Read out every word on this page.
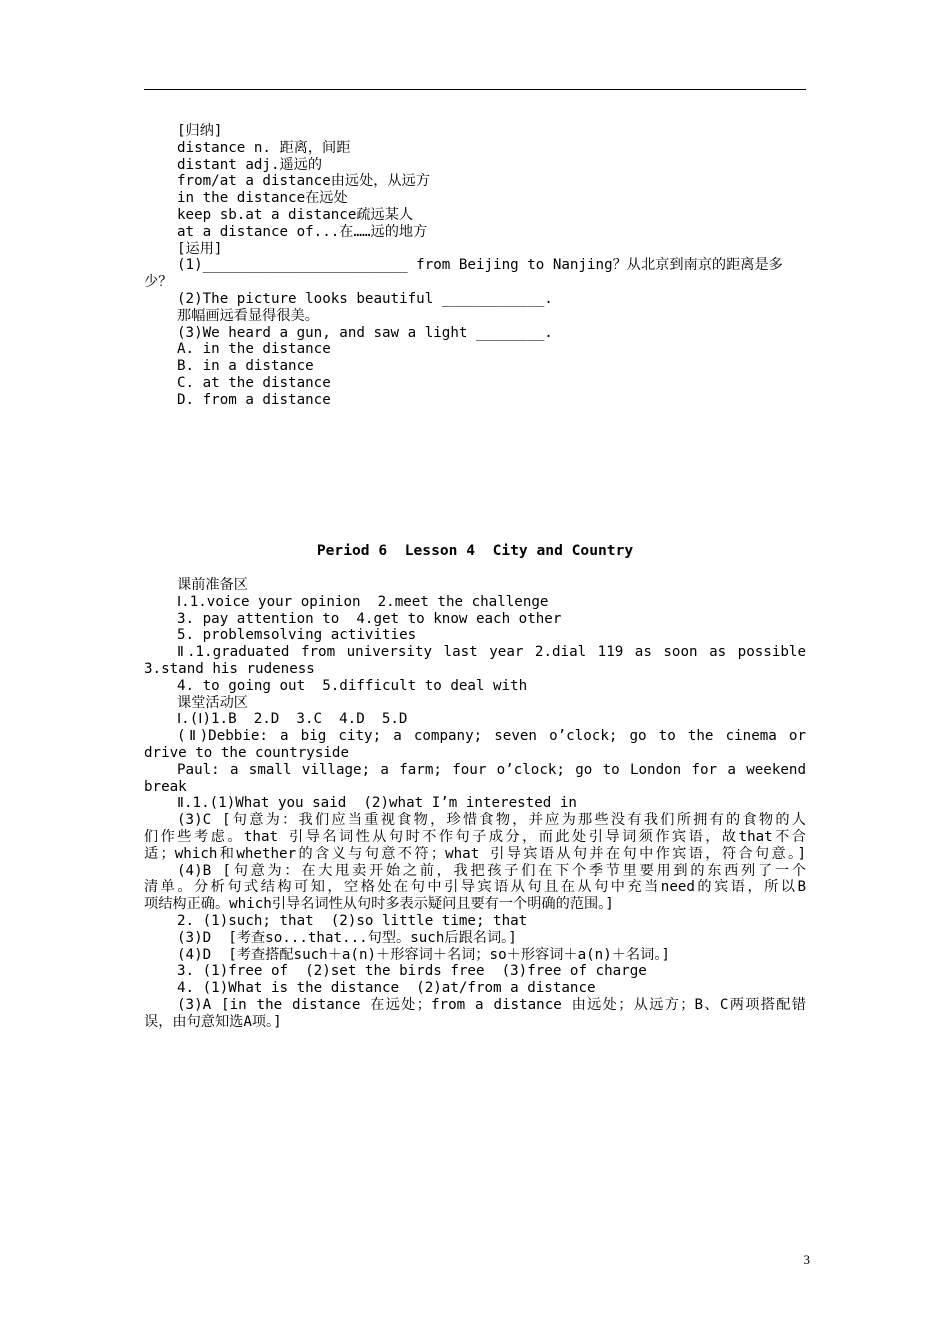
[归纳]
distance n. 距离，间距
distant adj.遥远的
from/at a distance由远处，从远方
in the distance在远处
keep sb.at a distance疏远某人
at a distance of...在……远的地方
[运用]
(1)________________________ from Beijing to Nanjing？从北京到南京的距离是多
少？
(2)The picture looks beautiful ____________.
那幅画远看显得很美。
(3)We heard a gun, and saw a light ________.
A. in the distance
B. in a distance
C. at the distance
D. from a distance
Period 6  Lesson 4  City and Country
课前准备区
Ⅰ.1.voice your opinion  2.meet the challenge
3. pay attention to  4.get to know each other
5. problemsolving activities
Ⅱ.1.graduated from university last year 2.dial 119 as soon as possible
3.stand his rudeness
4. to going out  5.difficult to deal with
课堂活动区
Ⅰ.(Ⅰ)1.B  2.D  3.C  4.D  5.D
(Ⅱ)Debbie: a big city; a company; seven o’clock; go to the cinema or
drive to the countryside
Paul: a small village; a farm; four o’clock; go to London for a weekend
break
Ⅱ.1.(1)What you said  (2)what I’m interested in
(3)C [句意为：我们应当重视食物，珍惜食物，并应为那些没有我们所拥有的食物的人
们作些考虑。that 引导名词性从句时不作句子成分，而此处引导词须作宾语，故that不合
适；which和whether的含义与句意不符；what 引导宾语从句并在句中作宾语，符合句意。]
(4)B [句意为：在大甩卖开始之前，我把孩子们在下个季节里要用到的东西列了一个
清单。分析句式结构可知，空格处在句中引导宾语从句且在从句中充当need的宾语，所以B
项结构正确。which引导名词性从句时多表示疑问且要有一个明确的范围。]
2. (1)such; that  (2)so little time; that
(3)D  [考查so...that...句型。such后跟名词。]
(4)D  [考查搭配such＋a(n)＋形容词＋名词；so＋形容词＋a(n)＋名词。]
3. (1)free of  (2)set the birds free  (3)free of charge
4. (1)What is the distance  (2)at/from a distance
(3)A [in the distance 在远处；from a distance 由远处；从远方；B、C两项搭配错
误，由句意知选A项。]
3
